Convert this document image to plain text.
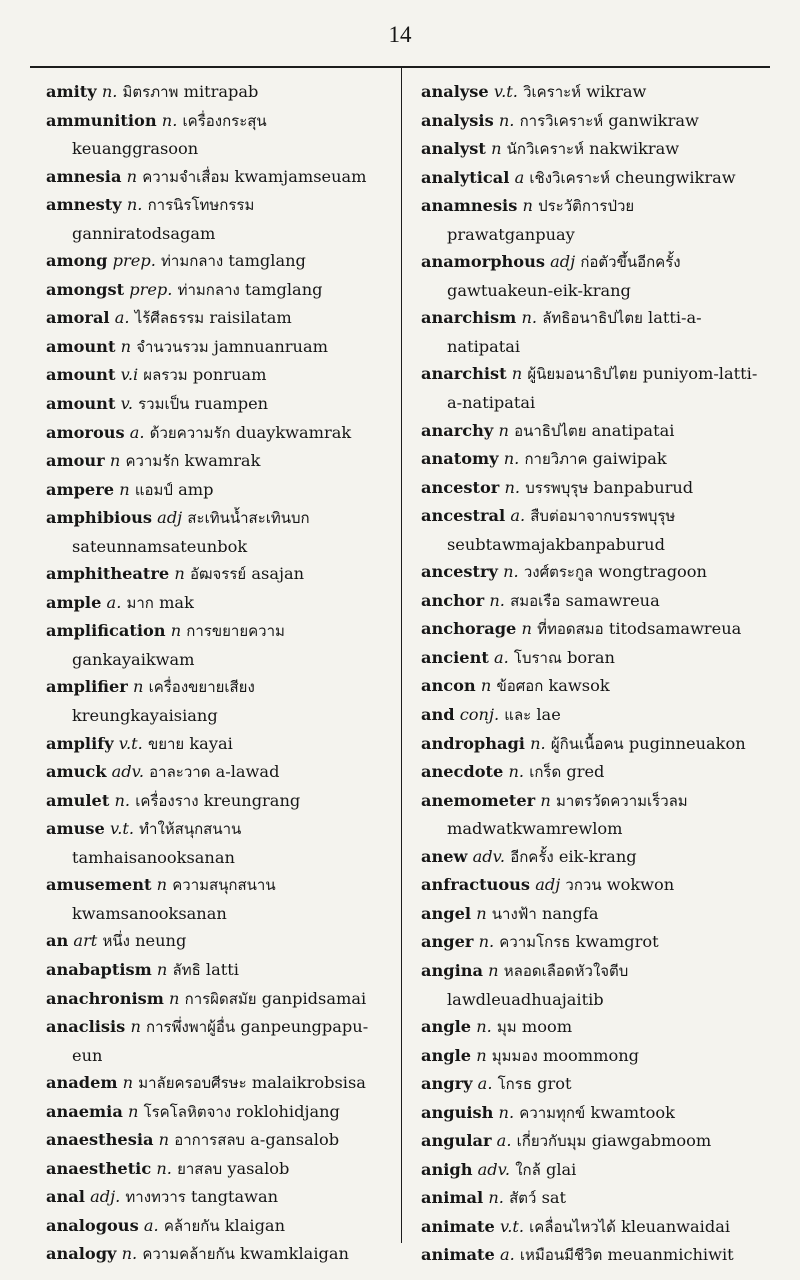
14
amity n. มิตรภาพ mitrapab
ammunition n. เครื่องกระสุน keuanggrasoon
amnesia n ความจำเสื่อม kwamjamseuam
amnesty n. การนิรโทษกรรม ganniratodsagam
among prep. ท่ามกลาง tamglang
amongst prep. ท่ามกลาง tamglang
amoral a. ไร้ศีลธรรม raisilatam
amount n จำนวนรวม jamnuanruam
amount v.i ผลรวม ponruam
amount v. รวมเป็น ruampen
amorous a. ด้วยความรัก duaykwamrak
amour n ความรัก kwamrak
ampere n แอมป์ amp
amphibious adj สะเทินน้ำสะเทินบก sateunnamsateunbok
amphitheatre n อัฒจรรย์ asajan
ample a. มาก mak
amplification n การขยายความ gankayaikwam
amplifier n เครื่องขยายเสียง kreungkayaisiang
amplify v.t. ขยาย kayai
amuck adv. อาละวาด a-lawad
amulet n. เครื่องราง kreungrang
amuse v.t. ทำให้สนุกสนาน tamhaisanooksanan
amusement n ความสนุกสนาน kwamsanooksanan
an art หนึ่ง neung
anabaptism n ลัทธิ latti
anachronism n การผิดสมัย ganpidsamai
anaclisis n การพึ่งพาผู้อื่น ganpeungpapu-eun
anadem n มาลัยครอบศีรษะ malaikrobsisa
anaemia n โรคโลหิตจาง roklohidjang
anaesthesia n อาการสลบ a-gansalob
anaesthetic n. ยาสลบ yasalob
anal adj. ทางทวาร tangtawan
analogous a. คล้ายกัน klaigan
analogy n. ความคล้ายกัน kwamklaigan
analyse v.t. วิเคราะห์ wikraw
analysis n. การวิเคราะห์ ganwikraw
analyst n นักวิเคราะห์ nakwikraw
analytical a เชิงวิเคราะห์ cheungwikraw
anamnesis n ประวัติการป่วย prawatganpuay
anamorphous adj ก่อตัวขึ้นอีกครั้ง gawtuakeun-eik-krang
anarchism n. ลัทธิอนาธิปไตย latti-a-natipatai
anarchist n ผู้นิยมอนาธิปไตย puniyom-latti-a-natipatai
anarchy n อนาธิปไตย anatipatai
anatomy n. กายวิภาค gaiwipak
ancestor n. บรรพบุรุษ banpaburud
ancestral a. สืบต่อมาจากบรรพบุรุษ seubtawmajakbanpaburud
ancestry n. วงศ์ตระกูล wongtragoon
anchor n. สมอเรือ samawreua
anchorage n ที่ทอดสมอ titodsamawreua
ancient a. โบราณ boran
ancon n ข้อศอก kawsok
and conj. และ lae
androphagi n. ผู้กินเนื้อคน puginneuakon
anecdote n. เกร็ด gred
anemometer n มาตรวัดความเร็วลม madwatkwamrewlom
anew adv. อีกครั้ง eik-krang
anfractuous adj วกวน wokwon
angel n นางฟ้า nangfa
anger n. ความโกรธ kwamgrot
angina n หลอดเลือดหัวใจตีบ lawdleuadhuajaitib
angle n. มุม moom
angle n มุมมอง moommong
angry a. โกรธ grot
anguish n. ความทุกข์ kwamtook
angular a. เกี่ยวกับมุม giawgabmoom
anigh adv. ใกล้ glai
animal n. สัตว์ sat
animate v.t. เคลื่อนไหวได้ kleuanwaidai
animate a. เหมือนมีชีวิต meuanmichiwit
